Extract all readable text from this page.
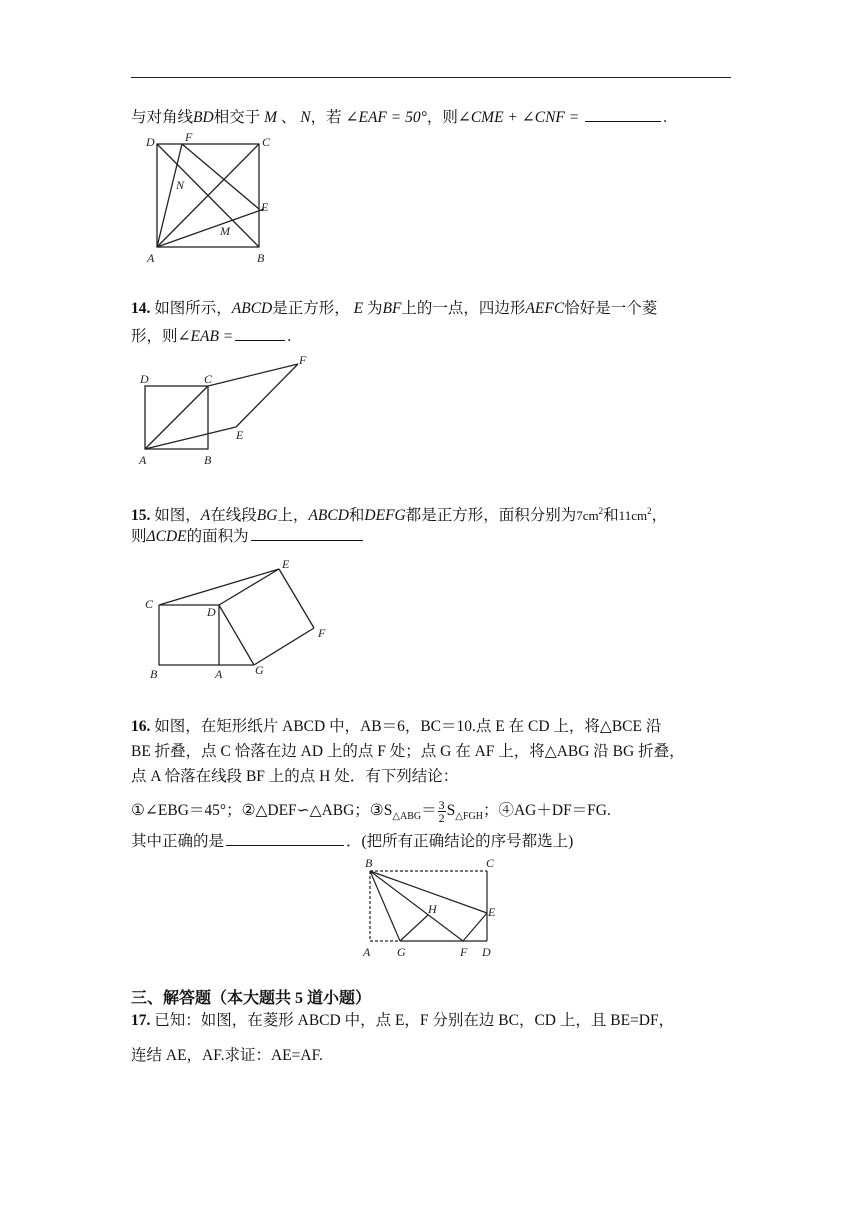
与对角线BD相交于 M 、 N，若 ∠EAF = 50°，则∠CME + ∠CNF =	.
D	F	C
N
E
M
A	B
14. 如图所示，ABCD是正方形， E 为BF上的一点，四边形AEFC恰好是一个菱
形，则∠EAB =	.
D	C
F
E
A	B
15. 如图，A在线段BG上，ABCD和DEFG都是正方形，面积分别为$7cm^2$和$11cm^2$，
则ΔCDE的面积为
E
C
D
F
B	A	G
16. 如图，在矩形纸片 ABCD 中，AB＝6，BC＝10.点 E 在 CD 上，将△BCE 沿
BE 折叠，点 C 恰落在边 AD 上的点 F 处；点 G 在 AF 上，将△ABG 沿 BG 折叠，
点 A 恰落在线段 BF 上的点 H 处．有下列结论：
①∠EBG＝45°；②△DEF∽△ABG；$③S_{\triangle ABG}= \frac{3}{2} S_{\triangle FGH}$；④AG＋DF＝FG.
其中正确的是	．(把所有正确结论的序号都选上)
B	C
H	E
A G	F D
三、解答题（本大题共 5 道小题）
17. 已知：如图，在菱形 ABCD 中，点 E，F 分别在边 BC，CD 上，且 BE=DF，
连结 AE，AF.求证：AE=AF.
